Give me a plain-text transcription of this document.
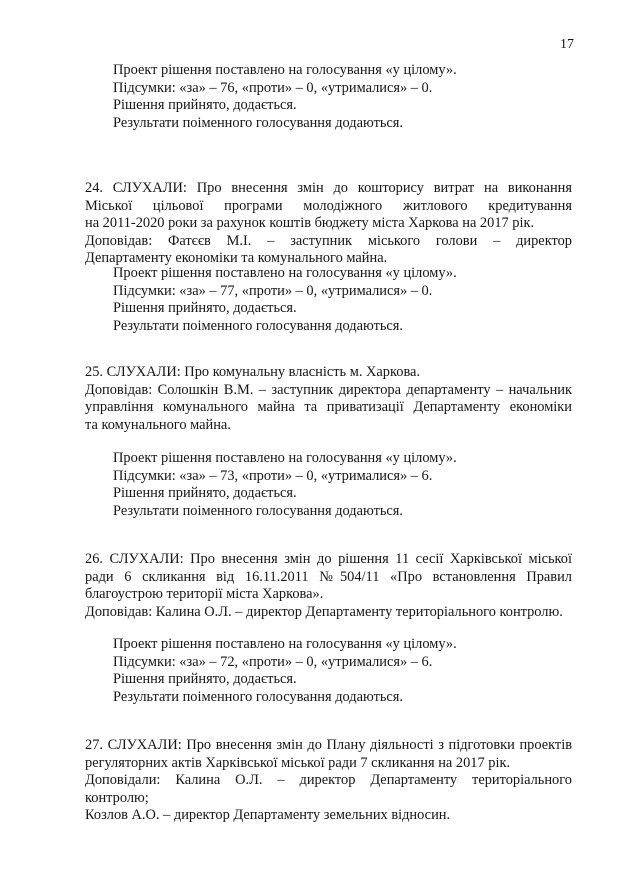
17
Проект рішення поставлено на голосування «у цілому».
Підсумки: «за» – 76, «проти» – 0, «утрималися» – 0.
Рішення прийнято, додається.
Результати поіменного голосування додаються.
24. СЛУХАЛИ: Про внесення змін до кошторису витрат на виконання
Міської цільової програми молодіжного житлового кредитування
на 2011-2020 роки за рахунок коштів бюджету міста Харкова на 2017 рік.
Доповідав: Фатєєв М.І. – заступник міського голови – директор
Департаменту економіки та комунального майна.
Проект рішення поставлено на голосування «у цілому».
Підсумки: «за» – 77, «проти» – 0, «утрималися» – 0.
Рішення прийнято, додається.
Результати поіменного голосування додаються.
25. СЛУХАЛИ: Про комунальну власність м. Харкова.
Доповідав: Солошкін В.М. – заступник директора департаменту – начальник
управління комунального майна та приватизації Департаменту економіки
та комунального майна.
Проект рішення поставлено на голосування «у цілому».
Підсумки: «за» – 73, «проти» – 0, «утрималися» – 6.
Рішення прийнято, додається.
Результати поіменного голосування додаються.
26. СЛУХАЛИ: Про внесення змін до рішення 11 сесії Харківської міської
ради 6 скликання від 16.11.2011 №504/11 «Про встановлення Правил
благоустрою території міста Харкова».
Доповідав: Калина О.Л. – директор Департаменту територіального контролю.
Проект рішення поставлено на голосування «у цілому».
Підсумки: «за» – 72, «проти» – 0, «утрималися» – 6.
Рішення прийнято, додається.
Результати поіменного голосування додаються.
27. СЛУХАЛИ: Про внесення змін до Плану діяльності з підготовки проектів
регуляторних актів Харківської міської ради 7 скликання на 2017 рік.
Доповідали: Калина О.Л. – директор Департаменту територіального
контролю;
Козлов А.О. – директор Департаменту земельних відносин.
